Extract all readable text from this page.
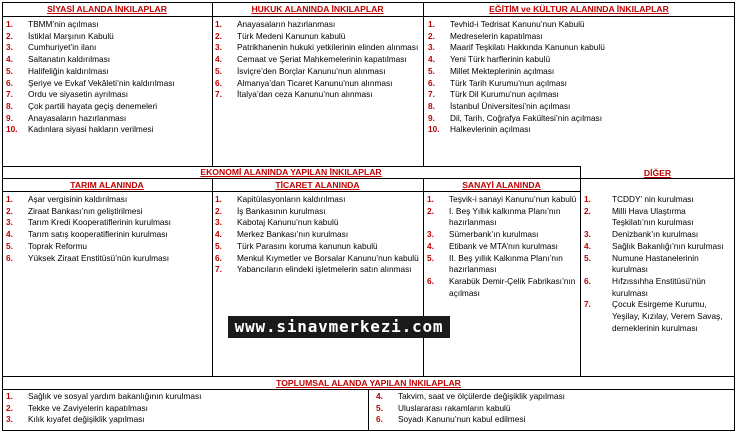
SİYASİ ALANDA İNKILAPLAR	HUKUK ALANINDA İNKILAPLAR	EĞİTİM ve KÜLTUR ALANINDA İNKILAPLAR
EKONOMİ ALANINDA YAPILAN İNKILAPLAR	DİĞER
TARIM ALANINDA	TİCARET ALANINDA	SANAYİ ALANINDA
TOPLUMSAL ALANDA YAPILAN İNKILAPLAR
1. TBMM’nin açılması
2. İstiklal Marşının Kabulü
3. Cumhuriyet’in ilanı
4. Saltanatın kaldırılması
5. Halifeliğin kaldırılması
6. Şeriye ve Evkaf Vekâleti’nin kaldırılması
7. Ordu ve siyasetin ayrılması
8. Çok partili hayata geçiş denemeleri
9. Anayasaların hazırlanması
10. Kadınlara siyasi hakların verilmesi
1. Anayasaların hazırlanması
2. Türk Medeni Kanunun kabulü
3. Patrikhanenin hukuki yetkilerinin elinden alınması
4. Cemaat ve Şeriat Mahkemelerinin kapatılması
5. İsviçre’den Borçlar Kanunu’nun alınması
6. Almanya’dan Ticaret Kanunu’nun alınması
7. İtalya’dan ceza Kanunu’nun alınması
1. Tevhid-i Tedrisat Kanunu’nun Kabulü
2. Medreselerin kapatılması
3. Maarif Teşkilatı Hakkında Kanunun kabulü
4. Yeni Türk harflerinin kabulü
5. Millet Mekteplerinin açılması
6. Türk Tarih Kurumu’nun açılması
7. Türk Dil Kurumu’nun açılması
8. İstanbul Üniversitesi’nin açılması
9. Dil, Tarih, Coğrafya Fakültesi’nin açılması
10. Halkevlerinin açılması
1. Aşar vergisinin kaldırılması
2. Ziraat Bankası’nın geliştirilmesi
3. Tarım Kredi Kooperatiflerinin kurulması
4. Tarım satış kooperatiflerinin kurulması
5. Toprak Reformu
6. Yüksek Ziraat Enstitüsü’nün kurulması
1. Kapitülasyonların kaldırılması
2. İş Bankasının kurulması
3. Kabotaj Kanunu’nun kabulü
4. Merkez Bankası’nın kurulması
5. Türk Parasını koruma kanunun kabulü
6. Menkul Kıymetler ve Borsalar Kanunu’nun kabulü
7. Yabancıların elindeki işletmelerin satın alınması
1. Teşvik-i sanayi Kanunu’nun kabulü
2. I. Beş Yıllık kalkınma Planı’nın hazırlanması
3. Sümerbank’ın kurulması
4. Etibank ve MTA’nın kurulması
5. II. Beş yıllık Kalkınma Planı’nın hazırlanması
6. Karabük Demir-Çelik Fabrikası’nın açılması
1.	TCDDY’ nin kurulması
2.	Milli Hava Ulaştırma Teşkilatı’nın kurulması
3.	Denizbank’ın kurulması
4.	Sağlık Bakanlığı’nın kurulması
5.	Numune Hastanelerinin kurulması
6.	Hıfzıssıhha Enstitüsü’nün kurulması
7.	Çocuk Esirgeme Kurumu, Yeşilay, Kızılay, Verem Savaş, derneklerinin kurulması
1. Sağlık ve sosyal yardım bakanlığının kurulması
2. Tekke ve Zaviyelerin kapatılması
3. Kılık kıyafet değişiklik yapılması
4. Takvim, saat ve ölçülerde değişiklik yapılması
5. Uluslararası rakamların kabulü
6. Soyadı Kanunu’nun kabul edilmesi
www.sinavmerkezi.com
